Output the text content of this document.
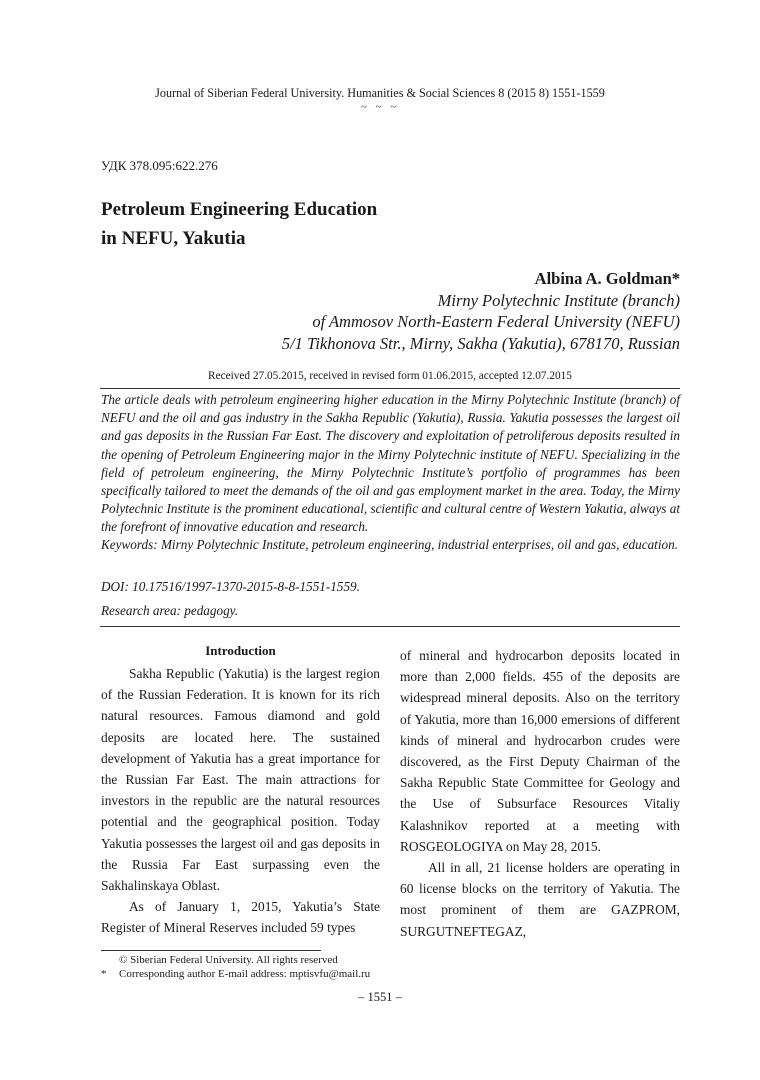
Journal of Siberian Federal University. Humanities & Social Sciences 8 (2015 8) 1551-1559
~ ~ ~
УДК 378.095:622.276
Petroleum Engineering Education
in NEFU, Yakutia
Albina A. Goldman*
Mirny Polytechnic Institute (branch)
of Ammosov North-Eastern Federal University (NEFU)
5/1 Tikhonova Str., Mirny, Sakha (Yakutia), 678170, Russian
Received 27.05.2015, received in revised form 01.06.2015, accepted 12.07.2015
The article deals with petroleum engineering higher education in the Mirny Polytechnic Institute (branch) of NEFU and the oil and gas industry in the Sakha Republic (Yakutia), Russia. Yakutia possesses the largest oil and gas deposits in the Russian Far East. The discovery and exploitation of petroliferous deposits resulted in the opening of Petroleum Engineering major in the Mirny Polytechnic institute of NEFU. Specializing in the field of petroleum engineering, the Mirny Polytechnic Institute’s portfolio of programmes has been specifically tailored to meet the demands of the oil and gas employment market in the area. Today, the Mirny Polytechnic Institute is the prominent educational, scientific and cultural centre of Western Yakutia, always at the forefront of innovative education and research.
Keywords: Mirny Polytechnic Institute, petroleum engineering, industrial enterprises, oil and gas, education.
DOI: 10.17516/1997-1370-2015-8-8-1551-1559.
Research area: pedagogy.
Introduction

Sakha Republic (Yakutia) is the largest region of the Russian Federation. It is known for its rich natural resources. Famous diamond and gold deposits are located here. The sustained development of Yakutia has a great importance for the Russian Far East. The main attractions for investors in the republic are the natural resources potential and the geographical position. Today Yakutia possesses the largest oil and gas deposits in the Russia Far East surpassing even the Sakhalinskaya Oblast.

As of January 1, 2015, Yakutia’s State Register of Mineral Reserves included 59 types

of mineral and hydrocarbon deposits located in more than 2,000 fields. 455 of the deposits are widespread mineral deposits. Also on the territory of Yakutia, more than 16,000 emersions of different kinds of mineral and hydrocarbon crudes were discovered, as the First Deputy Chairman of the Sakha Republic State Committee for Geology and the Use of Subsurface Resources Vitaliy Kalashnikov reported at a meeting with ROSGEOLOGIYA on May 28, 2015.

All in all, 21 license holders are operating in 60 license blocks on the territory of Yakutia. The most prominent of them are GAZPROM, SURGUTNEFTEGAZ,

© Siberian Federal University. All rights reserved
*	Corresponding author E-mail address: mptisvfu@mail.ru
– 1551 –
